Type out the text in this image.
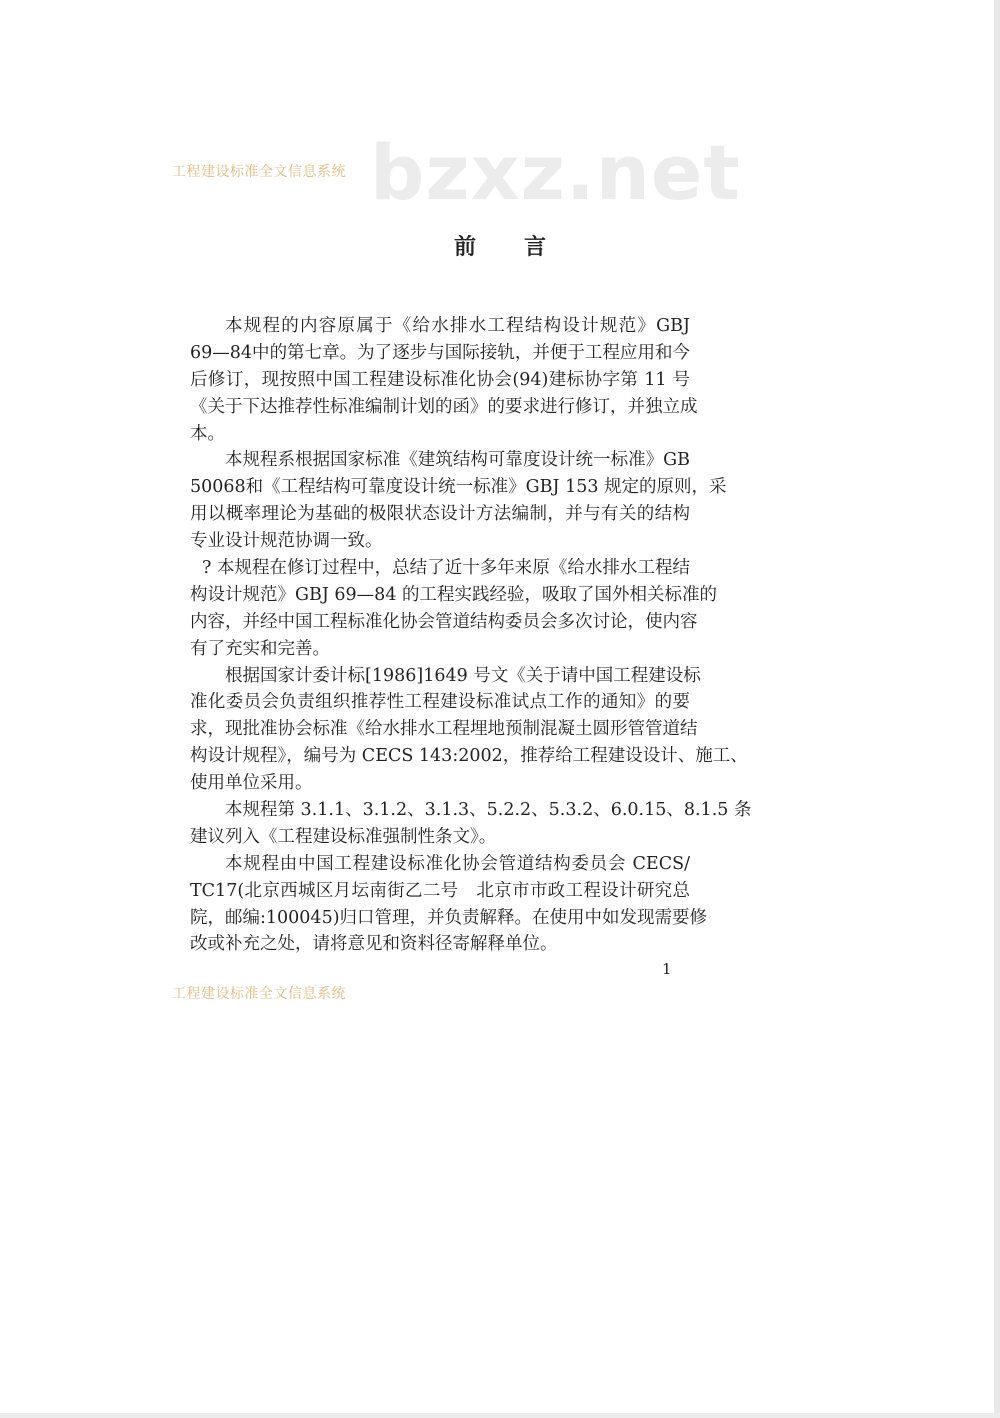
bzxz.net
工程建设标准全文信息系统
前言
本规程的内容原属于《给水排水工程结构设计规范》GBJ
69—84中的第七章。为了逐步与国际接轨，并便于工程应用和今
后修订，现按照中国工程建设标准化协会(94)建标协字第 11 号
《关于下达推荐性标准编制计划的函》的要求进行修订，并独立成
本。
本规程系根据国家标准《建筑结构可靠度设计统一标准》GB
50068和《工程结构可靠度设计统一标准》GBJ 153 规定的原则，采
用以概率理论为基础的极限状态设计方法编制，并与有关的结构
专业设计规范协调一致。
? 本规程在修订过程中，总结了近十多年来原《给水排水工程结
构设计规范》GBJ 69—84 的工程实践经验，吸取了国外相关标准的
内容，并经中国工程标准化协会管道结构委员会多次讨论，使内容
有了充实和完善。
根据国家计委计标[1986]1649 号文《关于请中国工程建设标
准化委员会负责组织推荐性工程建设标准试点工作的通知》的要
求，现批准协会标准《给水排水工程埋地预制混凝土圆形管管道结
构设计规程》，编号为 CECS 143:2002，推荐给工程建设设计、施工、
使用单位采用。
本规程第 3.1.1、3.1.2、3.1.3、5.2.2、5.3.2、6.0.15、8.1.5 条
建议列入《工程建设标准强制性条文》。
本规程由中国工程建设标准化协会管道结构委员会 CECS/
TC17(北京西城区月坛南街乙二号　北京市市政工程设计研究总
院，邮编:100045)归口管理，并负责解释。在使用中如发现需要修
改或补充之处，请将意见和资料径寄解释单位。
1
工程建设标准全文信息系统
